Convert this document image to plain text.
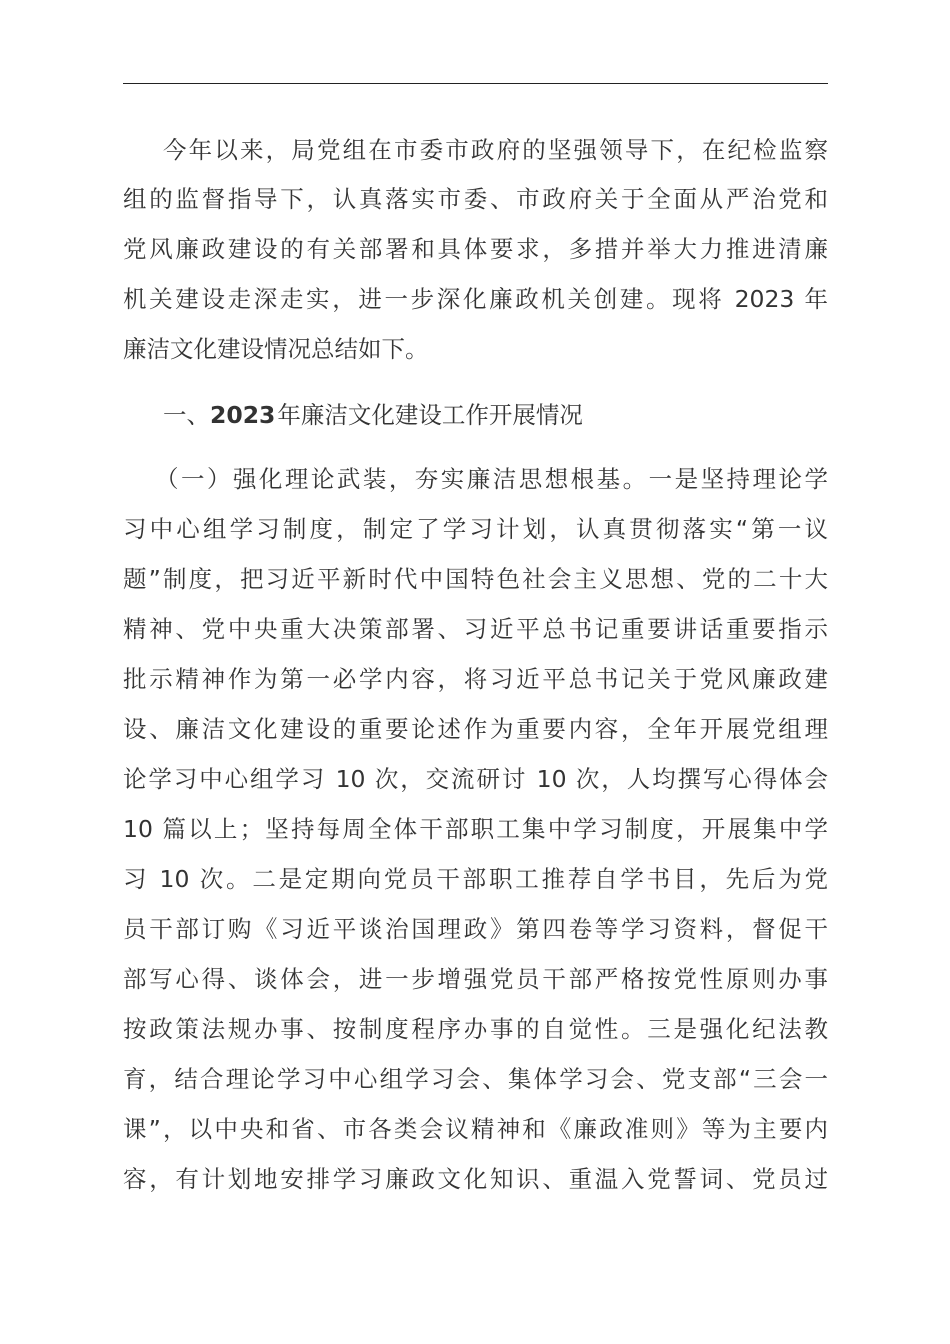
今年以来，局党组在市委市政府的坚强领导下，在纪检监察
组的监督指导下，认真落实市委、市政府关于全面从严治党和
党风廉政建设的有关部署和具体要求，多措并举大力推进清廉
机关建设走深走实，进一步深化廉政机关创建。现将 2023 年
廉洁文化建设情况总结如下。
一、2023年廉洁文化建设工作开展情况
（一）强化理论武装，夯实廉洁思想根基。一是坚持理论学
习中心组学习制度，制定了学习计划，认真贯彻落实“第一议
题”制度，把习近平新时代中国特色社会主义思想、党的二十大
精神、党中央重大决策部署、习近平总书记重要讲话重要指示
批示精神作为第一必学内容，将习近平总书记关于党风廉政建
设、廉洁文化建设的重要论述作为重要内容，全年开展党组理
论学习中心组学习 10 次，交流研讨 10 次，人均撰写心得体会
10 篇以上；坚持每周全体干部职工集中学习制度，开展集中学
习 10 次。二是定期向党员干部职工推荐自学书目，先后为党
员干部订购《习近平谈治国理政》第四卷等学习资料，督促干
部写心得、谈体会，进一步增强党员干部严格按党性原则办事
按政策法规办事、按制度程序办事的自觉性。三是强化纪法教
育，结合理论学习中心组学习会、集体学习会、党支部“三会一
课”，以中央和省、市各类会议精神和《廉政准则》等为主要内
容，有计划地安排学习廉政文化知识、重温入党誓词、党员过
